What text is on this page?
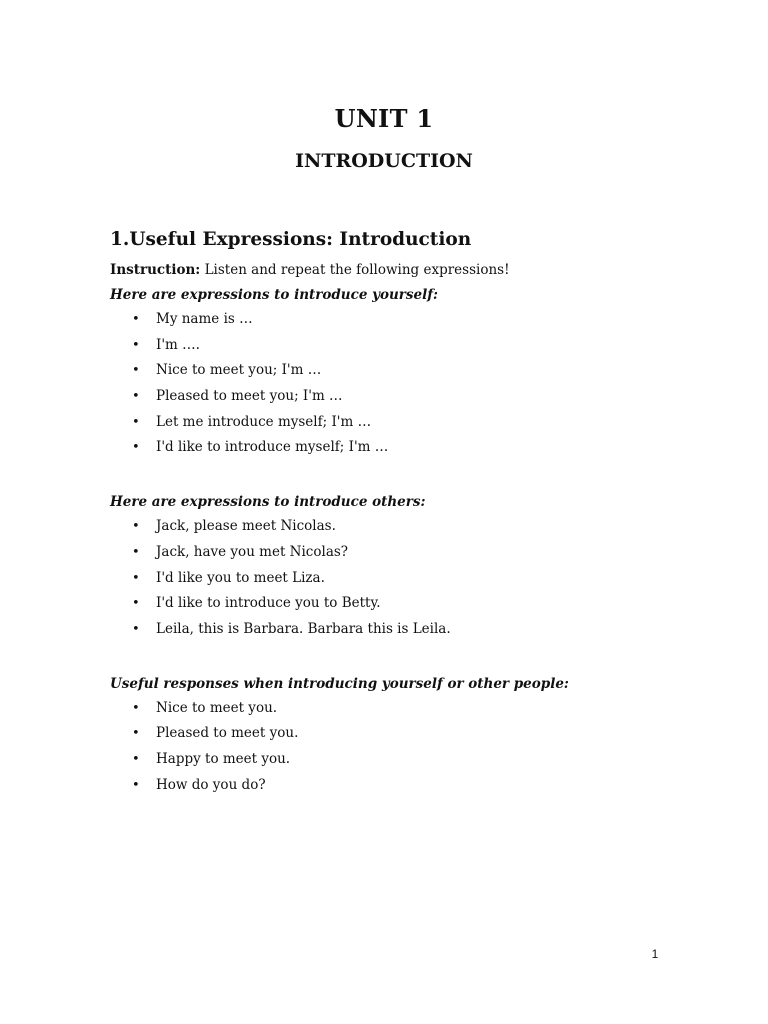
UNIT 1
INTRODUCTION
1.Useful Expressions: Introduction
Instruction: Listen and repeat the following expressions!
Here are expressions to introduce yourself:
• My name is …
• I'm ….
• Nice to meet you; I'm …
• Pleased to meet you; I'm …
• Let me introduce myself; I'm …
• I'd like to introduce myself; I'm …
Here are expressions to introduce others:
• Jack, please meet Nicolas.
• Jack, have you met Nicolas?
• I'd like you to meet Liza.
• I'd like to introduce you to Betty.
• Leila, this is Barbara. Barbara this is Leila.
Useful responses when introducing yourself or other people:
• Nice to meet you.
• Pleased to meet you.
• Happy to meet you.
• How do you do?
1
